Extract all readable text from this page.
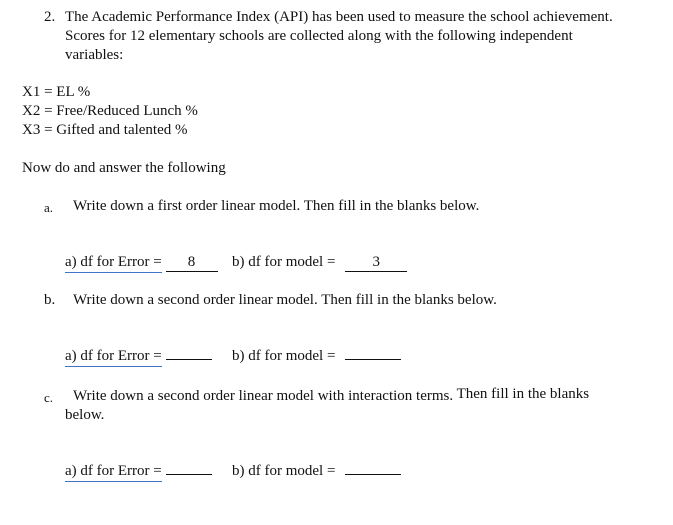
2. The Academic Performance Index (API) has been used to measure the school achievement.
Scores for 12 elementary schools are collected along with the following independent
variables:
X1 = EL %
X2 = Free/Reduced Lunch %
X3 = Gifted and talented %
Now do and answer the following
a. Write down a first order linear model. Then fill in the blanks below.
a) df for Error = 8	b) df for model = 3
b. Write down a second order linear model. Then fill in the blanks below.
a) df for Error =	b) df for model =
c. Write down a second order linear model with interaction terms. Then fill in the blanks
below.
a) df for Error =	b) df for model =
